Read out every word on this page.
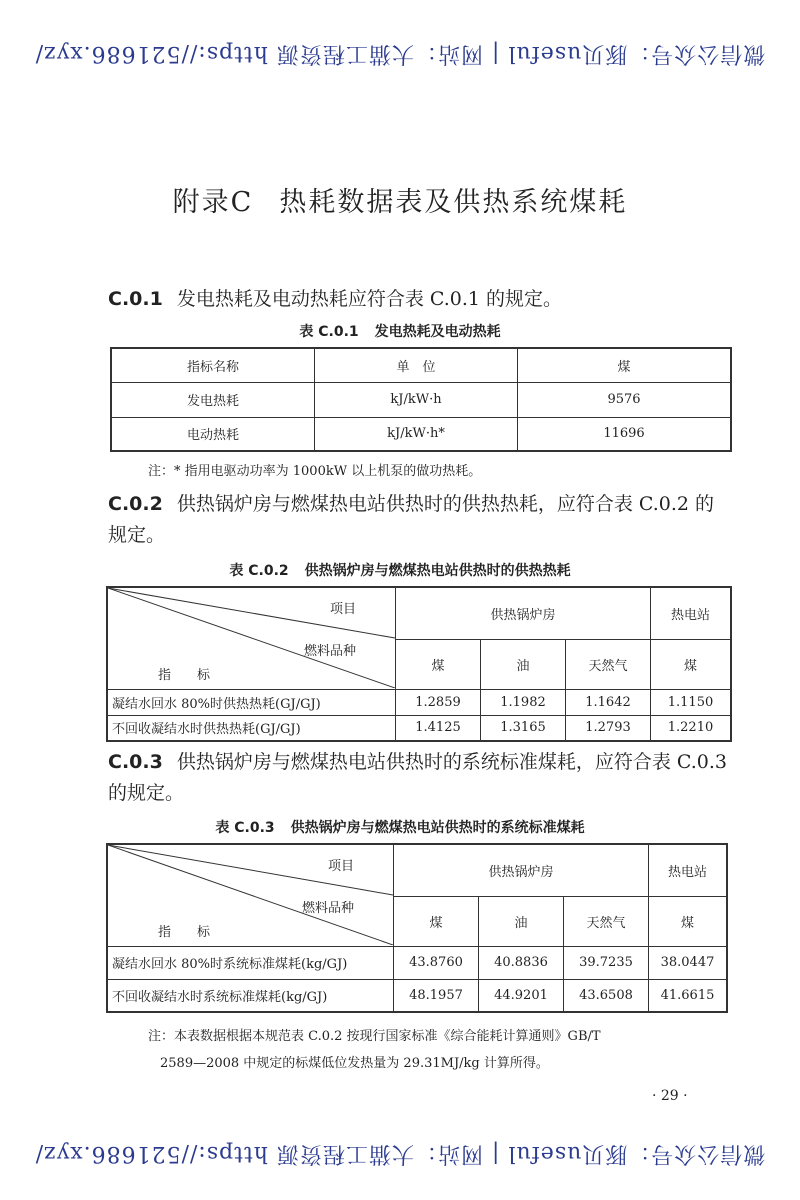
微信公众号：豚贝useful | 网站：大猫工程资源 https://521686.xyz/
附录C 热耗数据表及供热系统煤耗
C.0.1 发电热耗及电动热耗应符合表 C.0.1 的规定。
表 C.0.1 发电热耗及电动热耗
指标名称	单　位	煤
发电热耗	kJ/kW·h	9576
电动热耗	kJ/kW·h*	11696
注：* 指用电驱动功率为 1000kW 以上机泵的做功热耗。
C.0.2 供热锅炉房与燃煤热电站供热时的供热热耗，应符合表 C.0.2 的规定。
表 C.0.2 供热锅炉房与燃煤热电站供热时的供热热耗
项目
燃料品种
指　　标	供热锅炉房			热电站
	煤	油	天然气	煤
凝结水回水 80%时供热热耗(GJ/GJ)	1.2859	1.1982	1.1642	1.1150
不回收凝结水时供热热耗(GJ/GJ)	1.4125	1.3165	1.2793	1.2210
C.0.3 供热锅炉房与燃煤热电站供热时的系统标准煤耗，应符合表 C.0.3 的规定。
表 C.0.3 供热锅炉房与燃煤热电站供热时的系统标准煤耗
项目
燃料品种
指　　标	供热锅炉房			热电站
	煤	油	天然气	煤
凝结水回水 80%时系统标准煤耗(kg/GJ)	43.8760	40.8836	39.7235	38.0447
不回收凝结水时系统标准煤耗(kg/GJ)	48.1957	44.9201	43.6508	41.6615
注：本表数据根据本规范表 C.0.2 按现行国家标准《综合能耗计算通则》GB/T
2589—2008 中规定的标煤低位发热量为 29.31MJ/kg 计算所得。
· 29 ·
微信公众号：豚贝useful | 网站：大猫工程资源 https://521686.xyz/
